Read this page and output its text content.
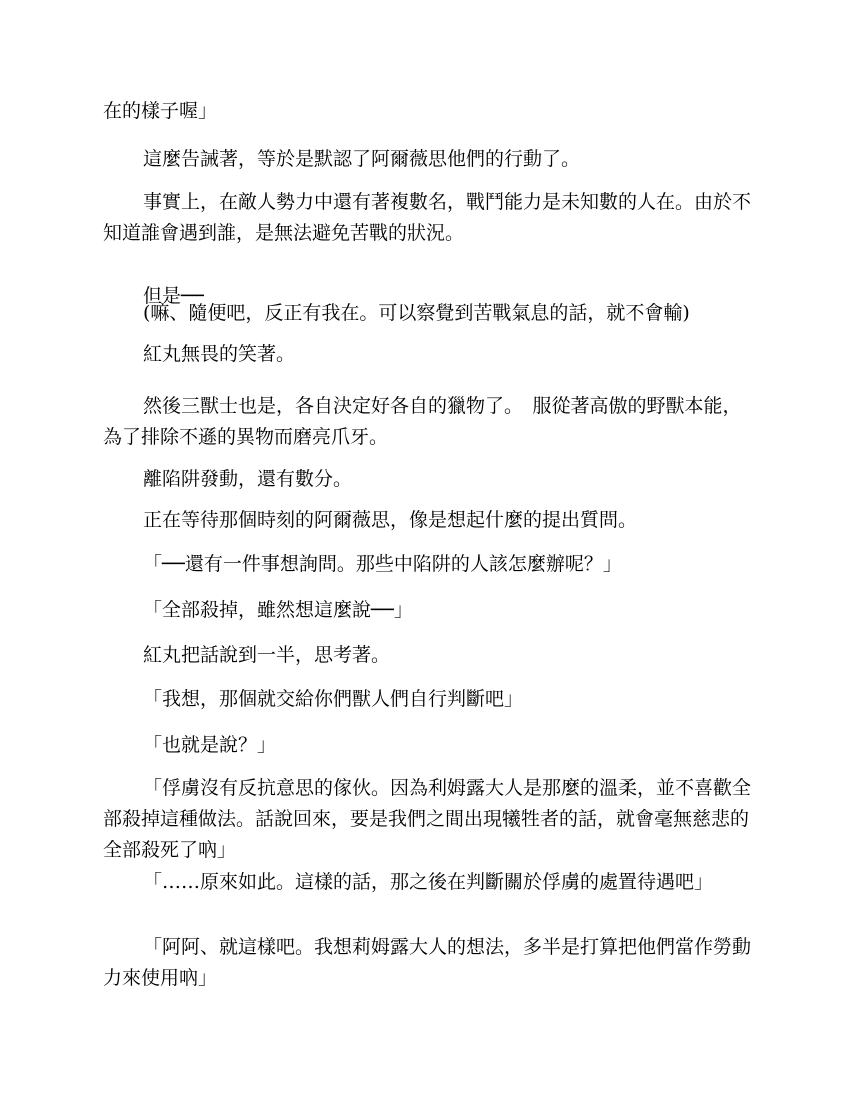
在的樣子喔」

這麼告誡著，等於是默認了阿爾薇思他們的行動了。

事實上，在敵人勢力中還有著複數名，戰鬥能力是未知數的人在。由於不知道誰會遇到誰，是無法避免苦戰的狀況。

但是──

(嘛、隨便吧，反正有我在。可以察覺到苦戰氣息的話，就不會輸)

紅丸無畏的笑著。

然後三獸士也是，各自決定好各自的獵物了。　服從著高傲的野獸本能，為了排除不遜的異物而磨亮爪牙。

離陷阱發動，還有數分。

正在等待那個時刻的阿爾薇思，像是想起什麼的提出質問。

「──還有一件事想詢問。那些中陷阱的人該怎麼辦呢？」

「全部殺掉，雖然想這麼說──」

紅丸把話說到一半，思考著。

「我想，那個就交給你們獸人們自行判斷吧」

「也就是說？」

「俘虜沒有反抗意思的傢伙。因為利姆露大人是那麼的溫柔，並不喜歡全部殺掉這種做法。話說回來，要是我們之間出現犧牲者的話，就會毫無慈悲的全部殺死了吶」

「……原來如此。這樣的話，那之後在判斷關於俘虜的處置待遇吧」

「阿阿、就這樣吧。我想莉姆露大人的想法，多半是打算把他們當作勞動力來使用吶」
